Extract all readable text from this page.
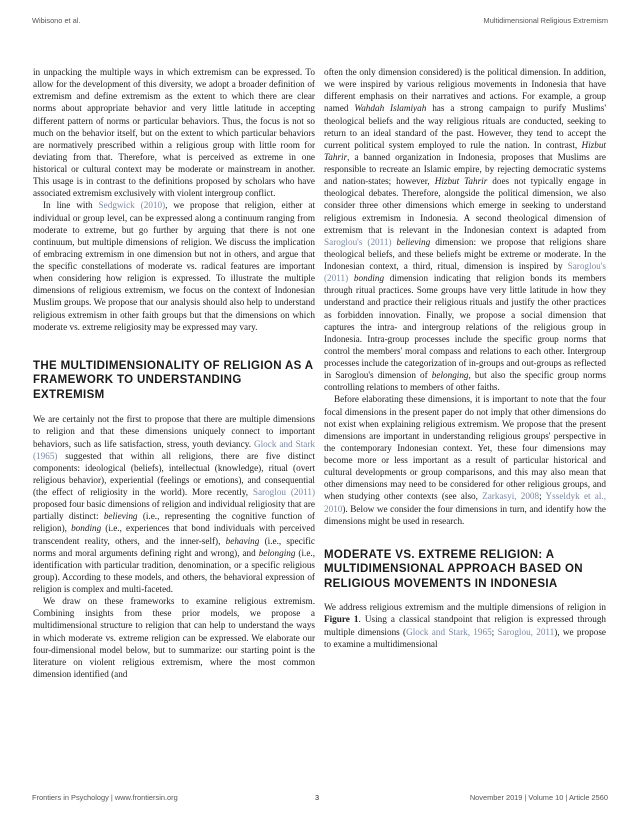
Wibisono et al.	Multidimensional Religious Extremism

in unpacking the multiple ways in which extremism can be expressed. To allow for the development of this diversity, we adopt a broader definition of extremism and define extremism as the extent to which there are clear norms about appropriate behavior and very little latitude in accepting different pattern of norms or particular behaviors. Thus, the focus is not so much on the behavior itself, but on the extent to which particular behaviors are normatively prescribed within a religious group with little room for deviating from that. Therefore, what is perceived as extreme in one historical or cultural context may be moderate or mainstream in another. This usage is in contrast to the definitions proposed by scholars who have associated extremism exclusively with violent intergroup conflict.

In line with Sedgwick (2010), we propose that religion, either at individual or group level, can be expressed along a continuum ranging from moderate to extreme, but go further by arguing that there is not one continuum, but multiple dimensions of religion. We discuss the implication of embracing extremism in one dimension but not in others, and argue that the specific constellations of moderate vs. radical features are important when considering how religion is expressed. To illustrate the multiple dimensions of religious extremism, we focus on the context of Indonesian Muslim groups. We propose that our analysis should also help to understand religious extremism in other faith groups but that the dimensions on which moderate vs. extreme religiosity may be expressed may vary.

THE MULTIDIMENSIONALITY OF RELIGION AS A FRAMEWORK TO UNDERSTANDING EXTREMISM

We are certainly not the first to propose that there are multiple dimensions to religion and that these dimensions uniquely connect to important behaviors, such as life satisfaction, stress, youth deviancy. Glock and Stark (1965) suggested that within all religions, there are five distinct components: ideological (beliefs), intellectual (knowledge), ritual (overt religious behavior), experiential (feelings or emotions), and consequential (the effect of religiosity in the world). More recently, Saroglou (2011) proposed four basic dimensions of religion and individual religiosity that are partially distinct: believing (i.e., representing the cognitive function of religion), bonding (i.e., experiences that bond individuals with perceived transcendent reality, others, and the inner-self), behaving (i.e., specific norms and moral arguments defining right and wrong), and belonging (i.e., identification with particular tradition, denomination, or a specific religious group). According to these models, and others, the behavioral expression of religion is complex and multi-faceted.

We draw on these frameworks to examine religious extremism. Combining insights from these prior models, we propose a multidimensional structure to religion that can help to understand the ways in which moderate vs. extreme religion can be expressed. We elaborate our four-dimensional model below, but to summarize: our starting point is the literature on violent religious extremism, where the most common dimension identified (and

often the only dimension considered) is the political dimension. In addition, we were inspired by various religious movements in Indonesia that have different emphasis on their narratives and actions. For example, a group named Wahdah Islamiyah has a strong campaign to purify Muslims' theological beliefs and the way religious rituals are conducted, seeking to return to an ideal standard of the past. However, they tend to accept the current political system employed to rule the nation. In contrast, Hizbut Tahrir, a banned organization in Indonesia, proposes that Muslims are responsible to recreate an Islamic empire, by rejecting democratic systems and nation-states; however, Hizbut Tahrir does not typically engage in theological debates. Therefore, alongside the political dimension, we also consider three other dimensions which emerge in seeking to understand religious extremism in Indonesia. A second theological dimension of extremism that is relevant in the Indonesian context is adapted from Saroglou's (2011) believing dimension: we propose that religions share theological beliefs, and these beliefs might be extreme or moderate. In the Indonesian context, a third, ritual, dimension is inspired by Saroglou's (2011) bonding dimension indicating that religion bonds its members through ritual practices. Some groups have very little latitude in how they understand and practice their religious rituals and justify the other practices as forbidden innovation. Finally, we propose a social dimension that captures the intra- and intergroup relations of the religious group in Indonesia. Intra-group processes include the specific group norms that control the members' moral compass and relations to each other. Intergroup processes include the categorization of in-groups and out-groups as reflected in Saroglou's dimension of belonging, but also the specific group norms controlling relations to members of other faiths.

Before elaborating these dimensions, it is important to note that the four focal dimensions in the present paper do not imply that other dimensions do not exist when explaining religious extremism. We propose that the present dimensions are important in understanding religious groups' perspective in the contemporary Indonesian context. Yet, these four dimensions may become more or less important as a result of particular historical and cultural developments or group comparisons, and this may also mean that other dimensions may need to be considered for other religious groups, and when studying other contexts (see also, Zarkasyi, 2008; Ysseldyk et al., 2010). Below we consider the four dimensions in turn, and identify how the dimensions might be used in research.

MODERATE VS. EXTREME RELIGION: A MULTIDIMENSIONAL APPROACH BASED ON RELIGIOUS MOVEMENTS IN INDONESIA

We address religious extremism and the multiple dimensions of religion in Figure 1. Using a classical standpoint that religion is expressed through multiple dimensions (Glock and Stark, 1965; Saroglou, 2011), we propose to examine a multidimensional

Frontiers in Psychology | www.frontiersin.org	3	November 2019 | Volume 10 | Article 2560
